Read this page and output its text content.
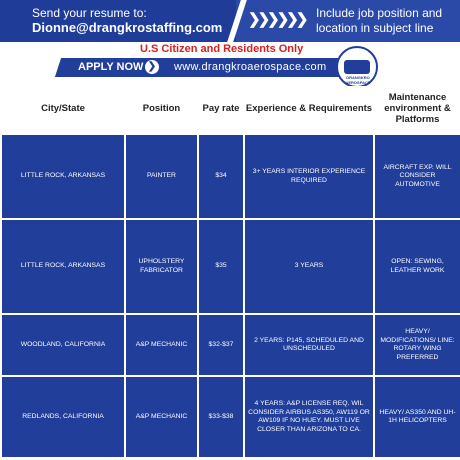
Send your resume to:
Dionne@drangkrostaffing.com	❯❯❯❯❯❯ Include job position and location in subject line
U.S Citizen and Residents Only
APPLY NOW ❯ www.drangkroaerospace.com
DRANGKRO AEROSPACE
City/State	Position	Pay rate	Experience & Requirements	Maintenance environment & Platforms

LITTLE ROCK, ARKANSAS	PAINTER	$34	3+ YEARS INTERIOR EXPERIENCE REQUIRED	AIRCRAFT EXP. WILL CONSIDER AUTOMOTIVE
LITTLE ROCK, ARKANSAS	UPHOLSTERY FABRICATOR	$35	3 YEARS	OPEN: SEWING, LEATHER WORK
WOODLAND, CALIFORNIA	A&P MECHANIC	$32-$37	2 YEARS: P145, SCHEDULED AND UNSCHEDULED	HEAVY/ MODIFICATIONS/ LINE: ROTARY WING PREFERRED
REDLANDS, CALIFORNIA	A&P MECHANIC	$33-$38	4 YEARS: A&P LICENSE REQ. WIL CONSIDER AIRBUS AS350, AW119 OR AW109 IF NO HUEY. MUST LIVE CLOSER THAN ARIZONA TO CA.	HEAVY/ AS350 AND UH-1H HELICOPTERS
